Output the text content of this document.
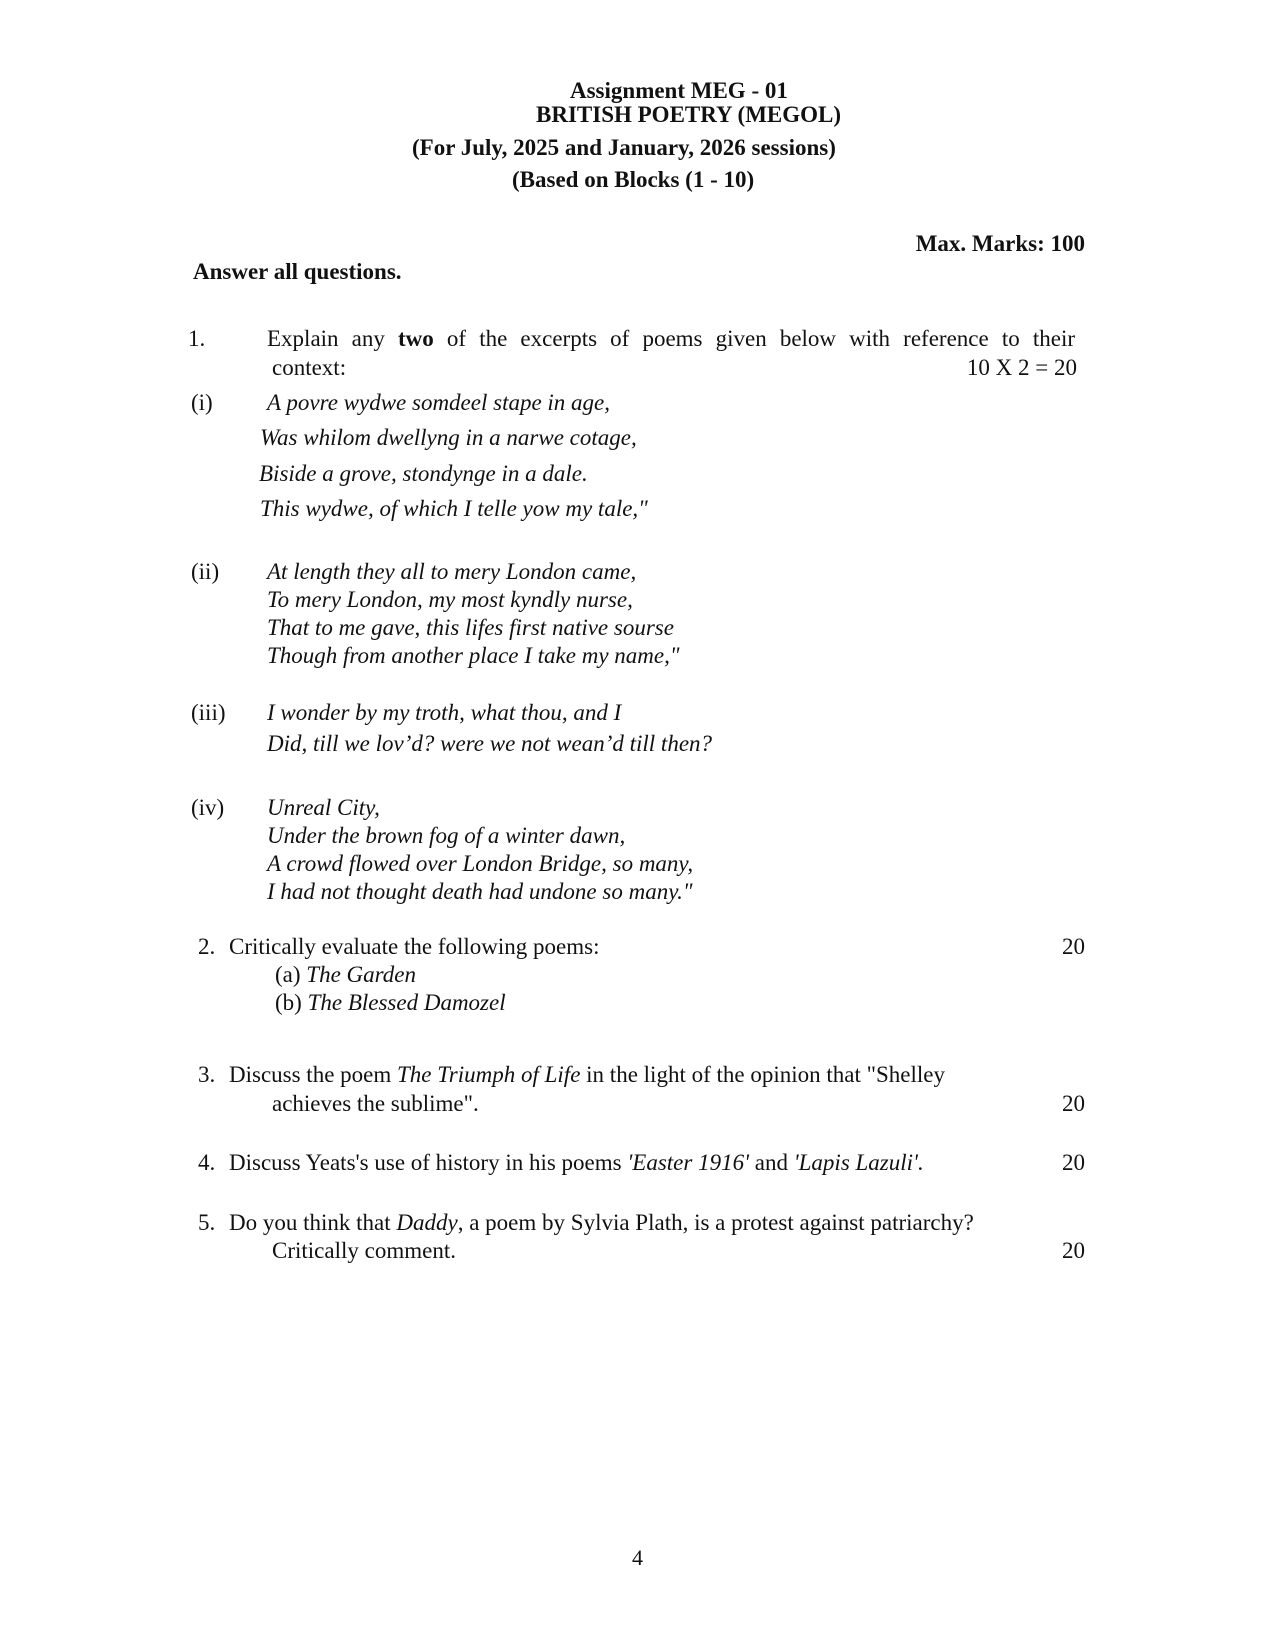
Assignment MEG - 01
BRITISH POETRY (MEGOL)
(For July, 2025 and January, 2026 sessions)
(Based on Blocks (1 - 10)
Max. Marks: 100
Answer all questions.
1.	Explain any two of the excerpts of poems given below with reference to their
context:	10 X 2 = 20
(i) A povre wydwe somdeel stape in age,
Was whilom dwellyng in a narwe cotage,
Biside a grove, stondynge in a dale.
This wydwe, of which I telle yow my tale,"
(ii) At length they all to mery London came,
To mery London, my most kyndly nurse,
That to me gave, this lifes first native sourse
Though from another place I take my name,"
(iii) I wonder by my troth, what thou, and I
Did, till we lov’d? were we not wean’d till then?
(iv) Unreal City,
Under the brown fog of a winter dawn,
A crowd flowed over London Bridge, so many,
I had not thought death had undone so many."
2. Critically evaluate the following poems:	20
(a) The Garden
(b) The Blessed Damozel
3. Discuss the poem The Triumph of Life in the light of the opinion that "Shelley
achieves the sublime".	20
4. Discuss Yeats's use of history in his poems 'Easter 1916' and 'Lapis Lazuli'.	20
5. Do you think that Daddy, a poem by Sylvia Plath, is a protest against patriarchy?
Critically comment.	20
4
